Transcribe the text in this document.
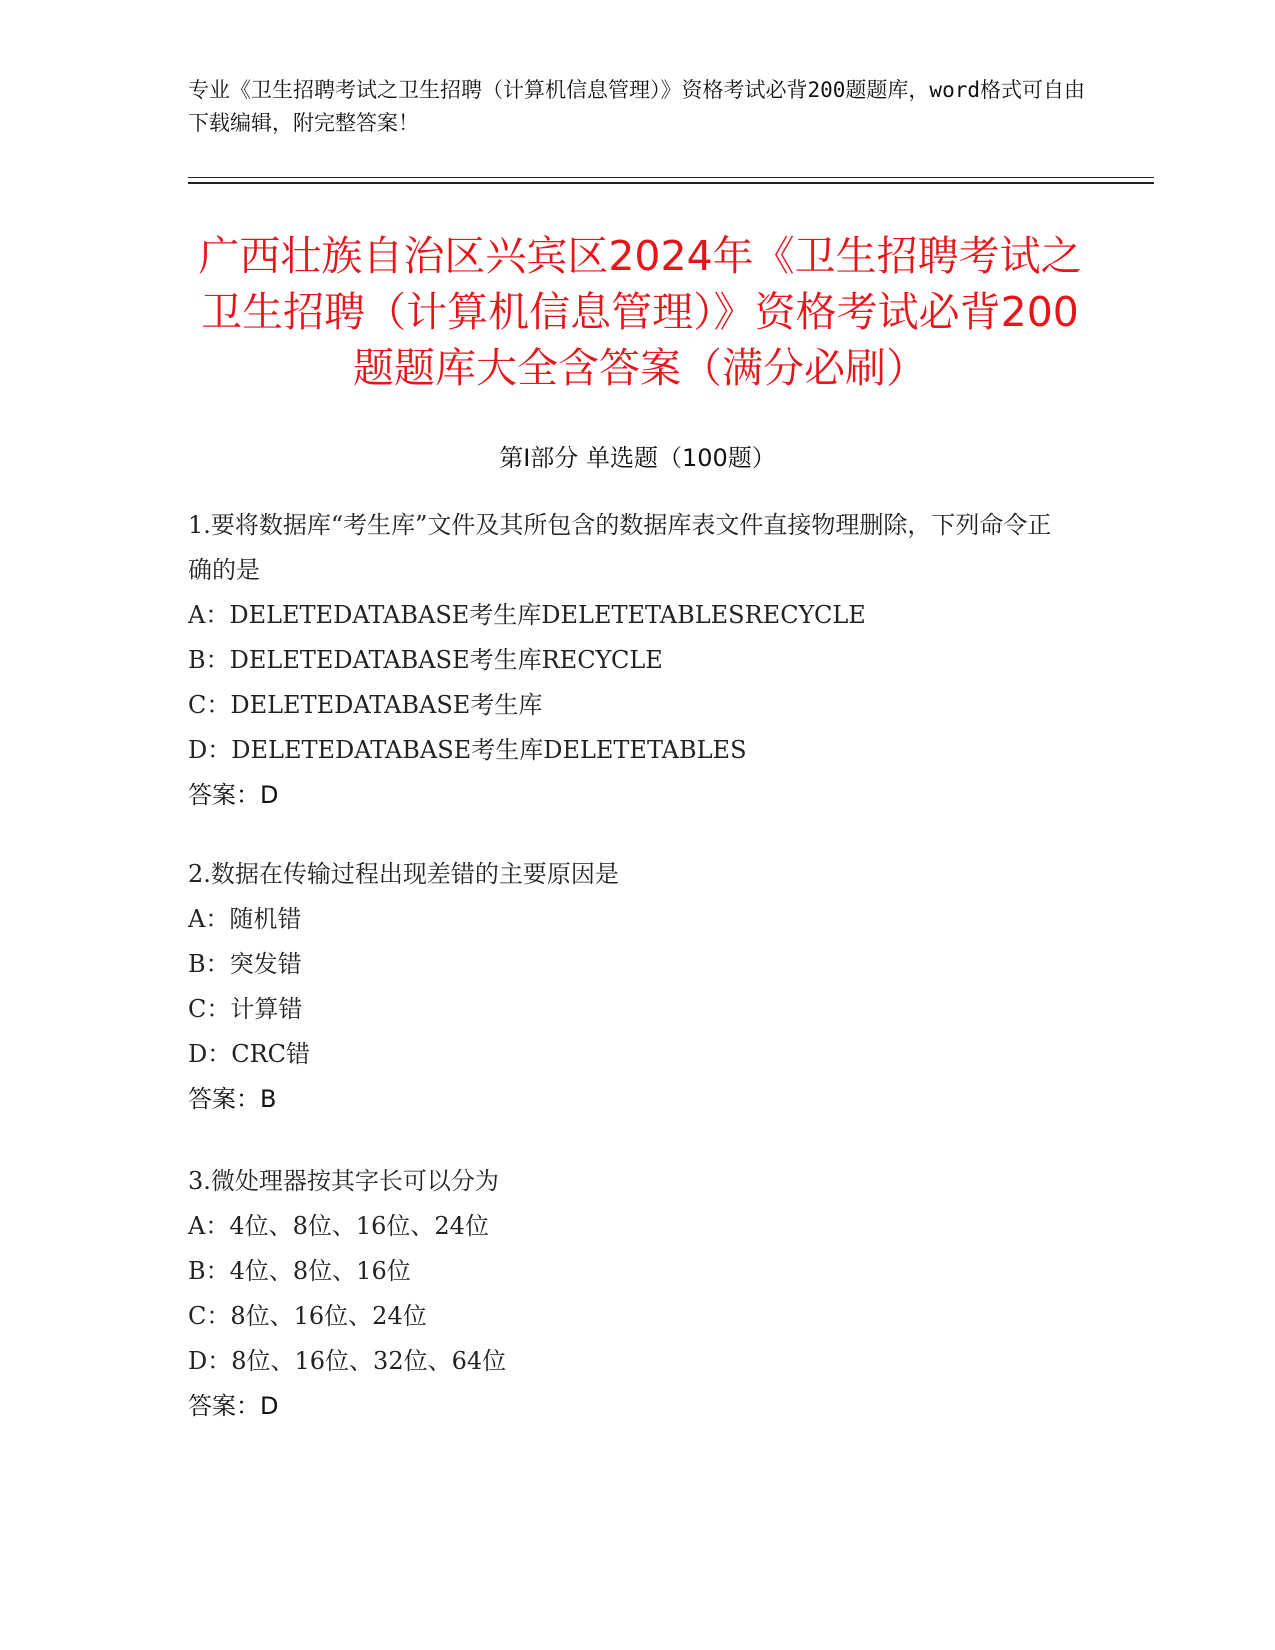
专业《卫生招聘考试之卫生招聘（计算机信息管理）》资格考试必背200题题库，word格式可自由下载编辑，附完整答案！
广西壮族自治区兴宾区2024年《卫生招聘考试之卫生招聘（计算机信息管理）》资格考试必背200题题库大全含答案（满分必刷）
第Ⅰ部分 单选题（100题）
1.要将数据库“考生库”文件及其所包含的数据库表文件直接物理删除，下列命令正确的是
A：DELETEDATABASE考生库DELETETABLESRECYCLE
B：DELETEDATABASE考生库RECYCLE
C：DELETEDATABASE考生库
D：DELETEDATABASE考生库DELETETABLES
答案：D
2.数据在传输过程出现差错的主要原因是
A：随机错
B：突发错
C：计算错
D：CRC错
答案：B
3.微处理器按其字长可以分为
A：4位、8位、16位、24位
B：4位、8位、16位
C：8位、16位、24位
D：8位、16位、32位、64位
答案：D
